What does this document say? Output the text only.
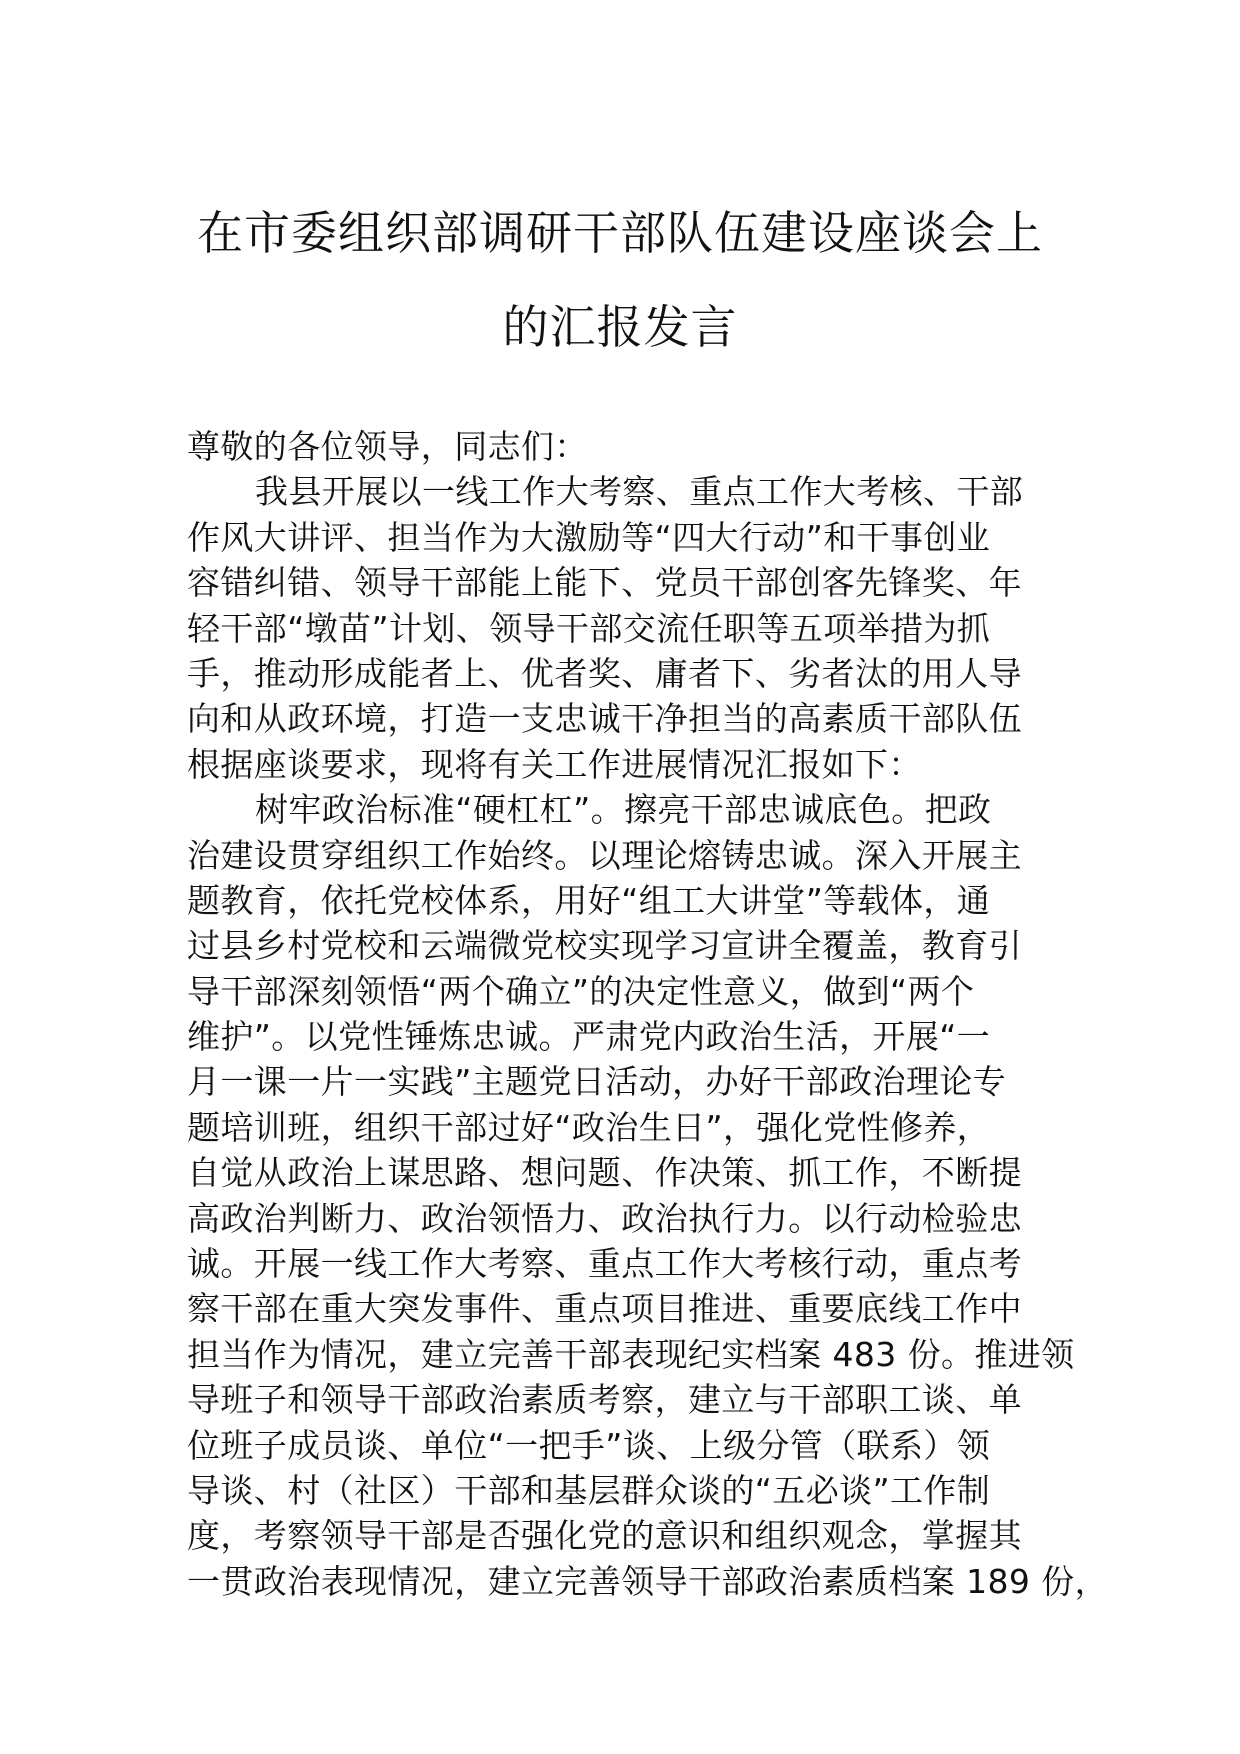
在市委组织部调研干部队伍建设座谈会上
的汇报发言
尊敬的各位领导，同志们：
我县开展以一线工作大考察、重点工作大考核、干部
作风大讲评、担当作为大激励等“四大行动”和干事创业
容错纠错、领导干部能上能下、党员干部创客先锋奖、年
轻干部“墩苗”计划、领导干部交流任职等五项举措为抓
手，推动形成能者上、优者奖、庸者下、劣者汰的用人导
向和从政环境，打造一支忠诚干净担当的高素质干部队伍
根据座谈要求，现将有关工作进展情况汇报如下：
树牢政治标准“硬杠杠”。擦亮干部忠诚底色。把政
治建设贯穿组织工作始终。以理论熔铸忠诚。深入开展主
题教育，依托党校体系，用好“组工大讲堂”等载体，通
过县乡村党校和云端微党校实现学习宣讲全覆盖，教育引
导干部深刻领悟“两个确立”的决定性意义，做到“两个
维护”。以党性锤炼忠诚。严肃党内政治生活，开展“一
月一课一片一实践”主题党日活动，办好干部政治理论专
题培训班，组织干部过好“政治生日”，强化党性修养，
自觉从政治上谋思路、想问题、作决策、抓工作，不断提
高政治判断力、政治领悟力、政治执行力。以行动检验忠
诚。开展一线工作大考察、重点工作大考核行动，重点考
察干部在重大突发事件、重点项目推进、重要底线工作中
担当作为情况，建立完善干部表现纪实档案 483 份。推进领
导班子和领导干部政治素质考察，建立与干部职工谈、单
位班子成员谈、单位“一把手”谈、上级分管（联系）领
导谈、村（社区）干部和基层群众谈的“五必谈”工作制
度，考察领导干部是否强化党的意识和组织观念，掌握其
一贯政治表现情况，建立完善领导干部政治素质档案 189 份，
